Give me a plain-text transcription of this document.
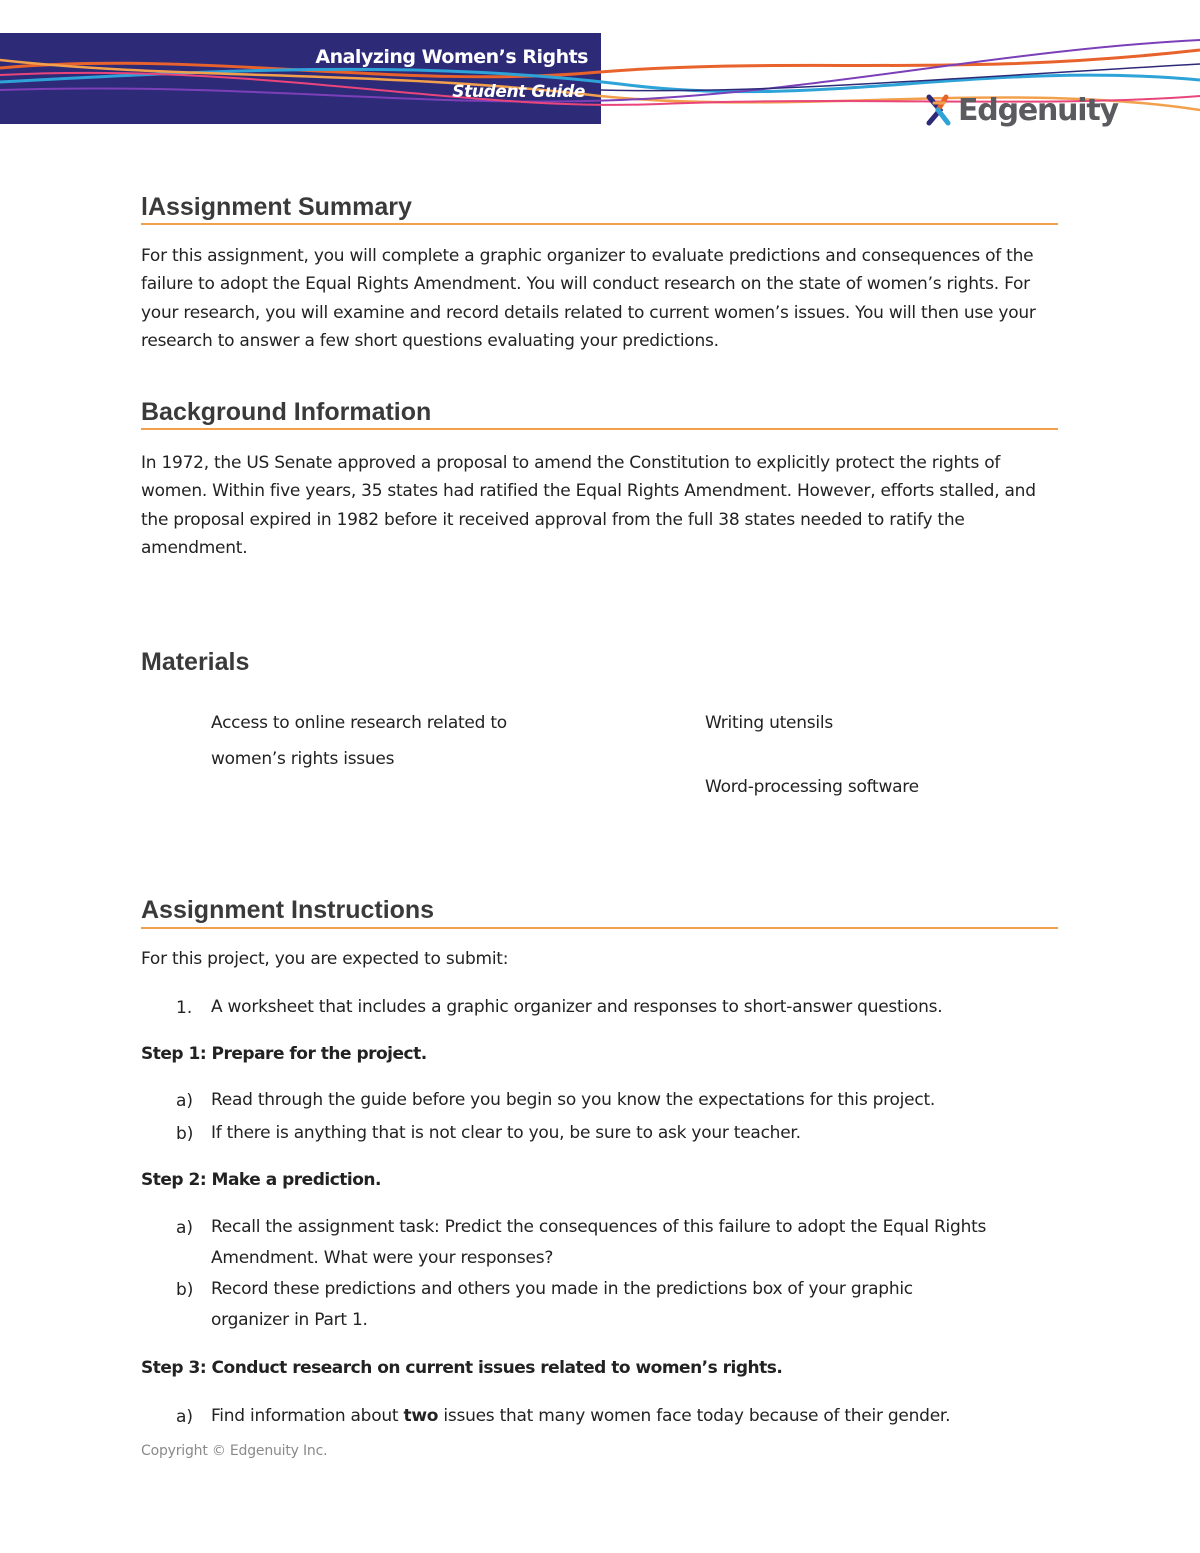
Analyzing Women’s Rights
Student Guide
Edgenuity
lAssignment Summary

For this assignment, you will complete a graphic organizer to evaluate predictions and consequences of the failure to adopt the Equal Rights Amendment. You will conduct research on the state of women’s rights. For your research, you will examine and record details related to current women’s issues. You will then use your research to answer a few short questions evaluating your predictions.

Background Information

In 1972, the US Senate approved a proposal to amend the Constitution to explicitly protect the rights of women. Within five years, 35 states had ratified the Equal Rights Amendment. However, efforts stalled, and the proposal expired in 1982 before it received approval from the full 38 states needed to ratify the amendment.

Materials
Access to online research related to
women’s rights issues
Writing utensils
Word-processing software
Assignment Instructions
For this project, you are expected to submit:
1. A worksheet that includes a graphic organizer and responses to short-answer questions.
Step 1: Prepare for the project.
a) Read through the guide before you begin so you know the expectations for this project.
b) If there is anything that is not clear to you, be sure to ask your teacher.
Step 2: Make a prediction.
a) Recall the assignment task: Predict the consequences of this failure to adopt the Equal Rights Amendment. What were your responses?
b) Record these predictions and others you made in the predictions box of your graphic organizer in Part 1.
Step 3: Conduct research on current issues related to women’s rights.
a) Find information about two issues that many women face today because of their gender.
Copyright © Edgenuity Inc.
